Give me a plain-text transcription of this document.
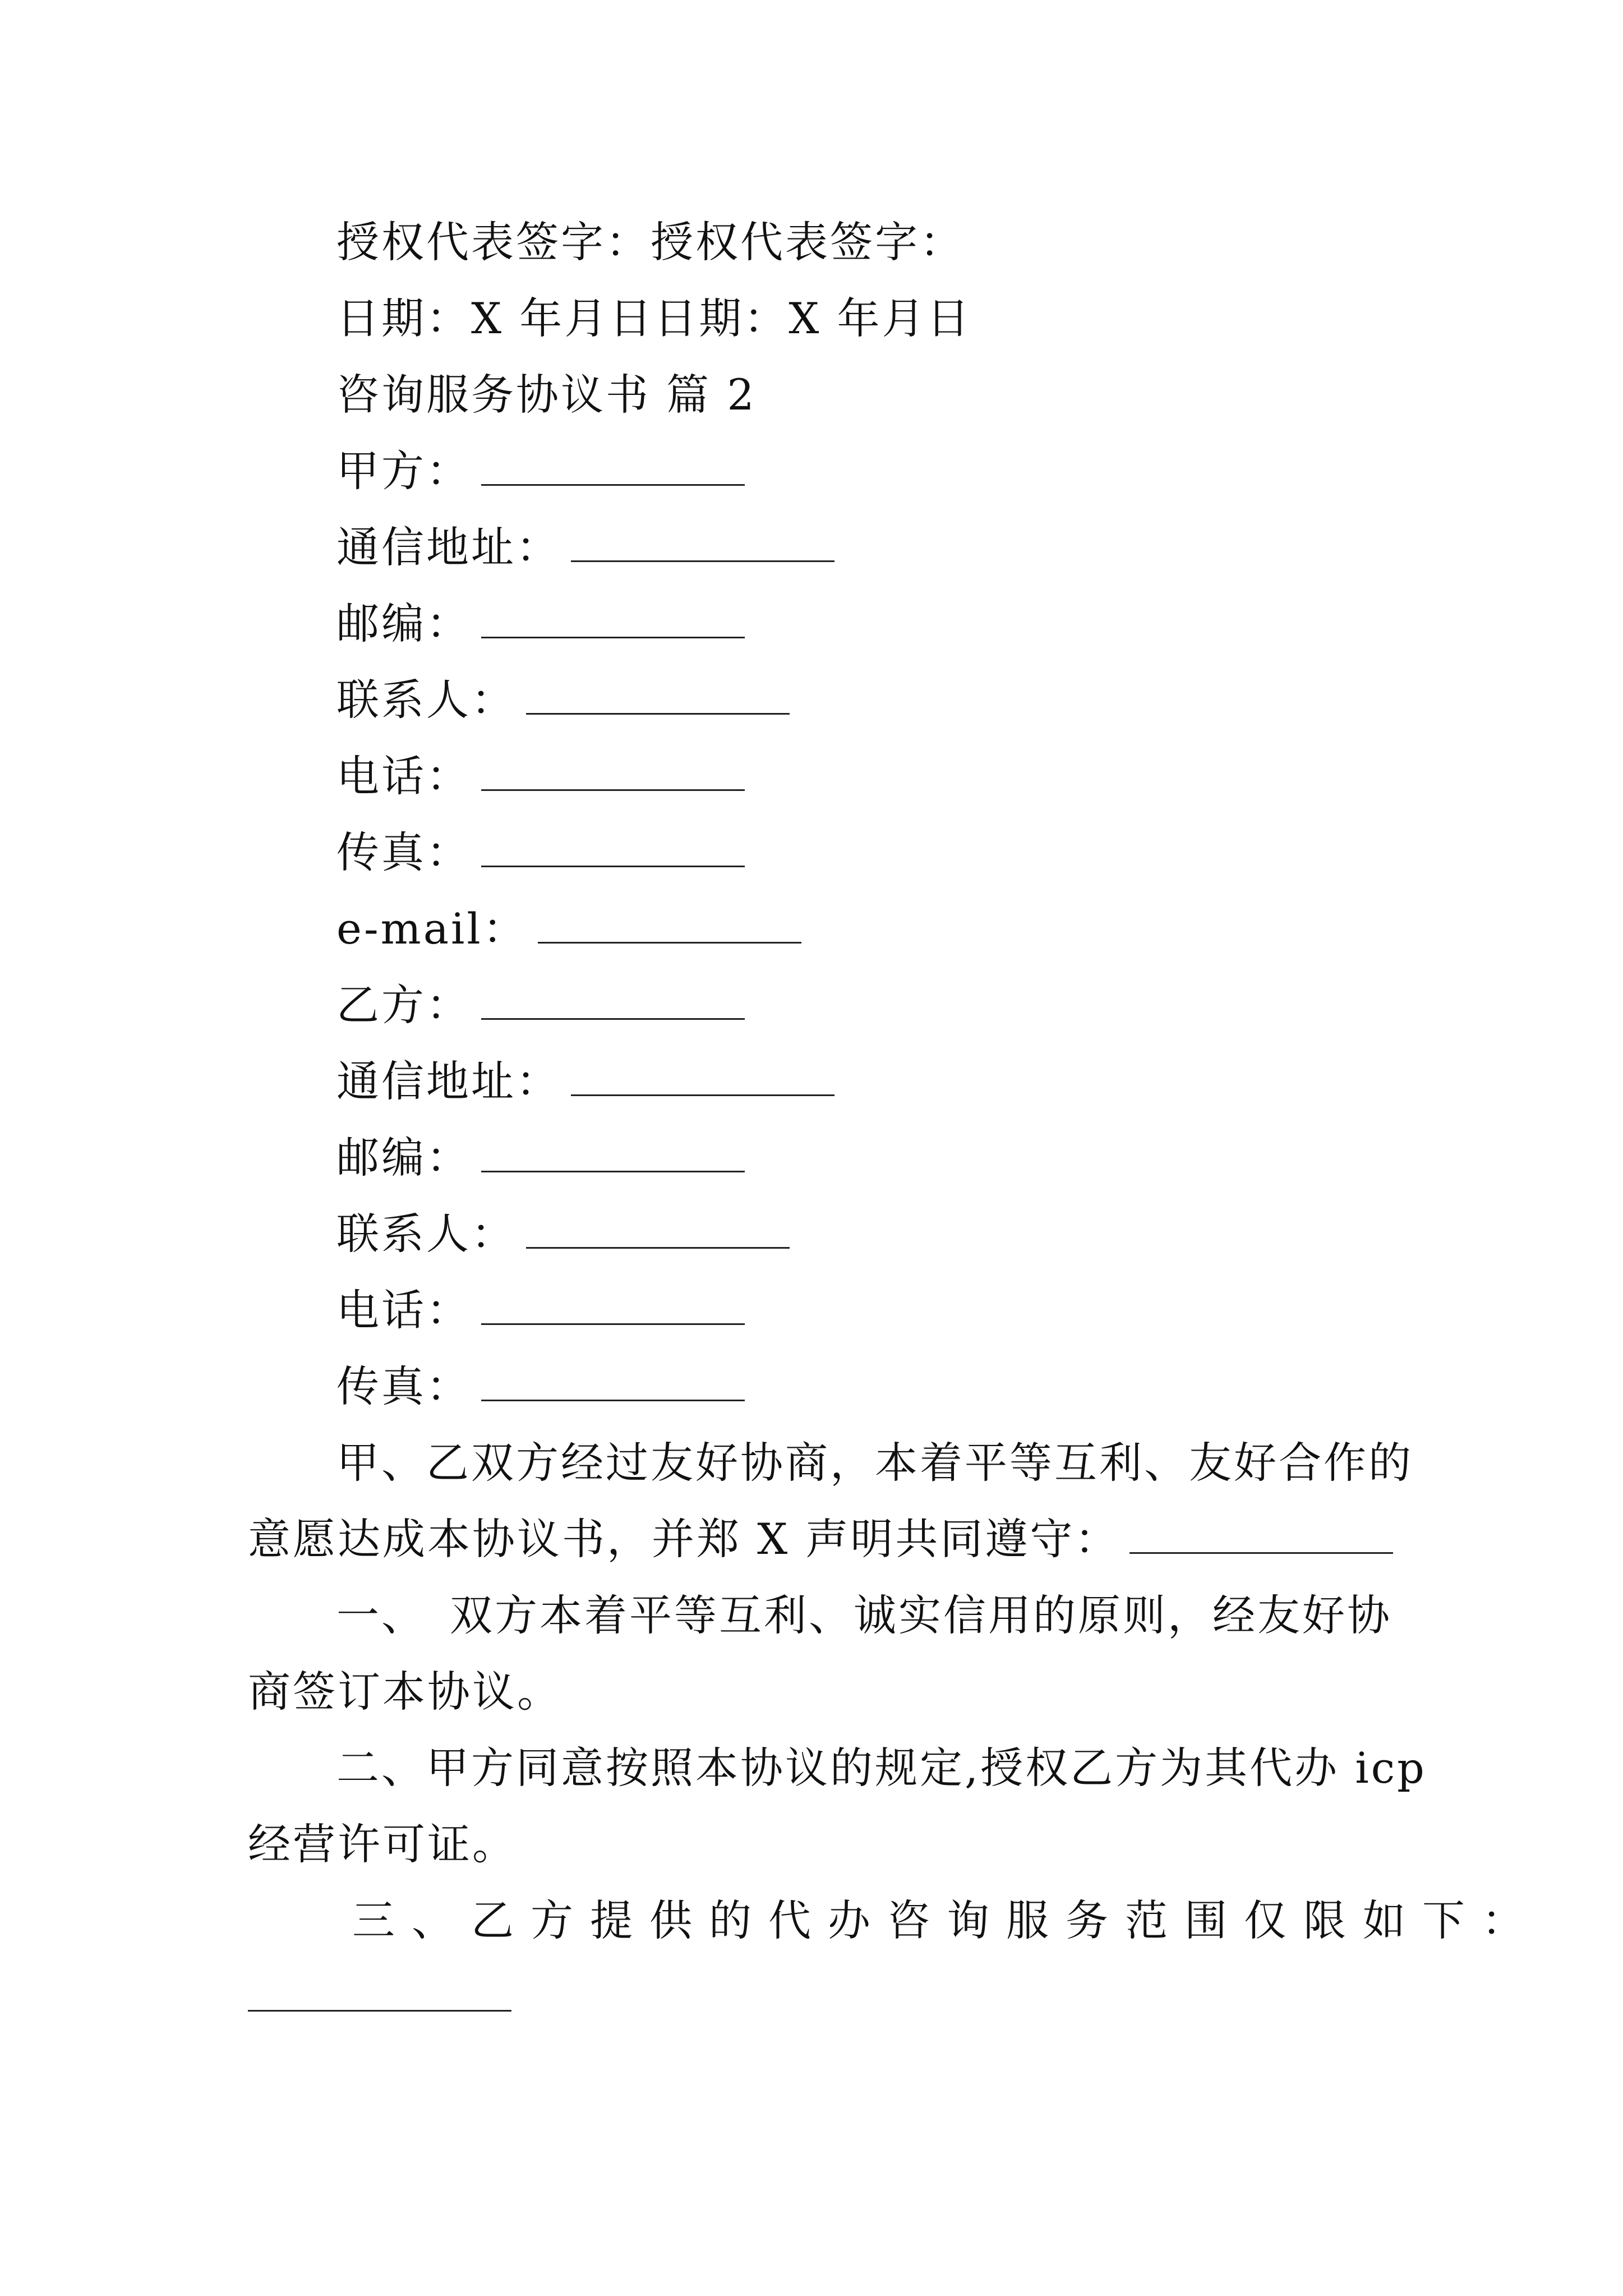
授权代表签字：授权代表签字：
日期：X 年月日日期：X 年月日
咨询服务协议书 篇 2
甲方：
通信地址：
邮编：
联系人：
电话：
传真：
e-mail：
乙方：
通信地址：
邮编：
联系人：
电话：
传真：
甲、乙双方经过友好协商，本着平等互利、友好合作的
意愿达成本协议书，并郑 X 声明共同遵守：
一、　双方本着平等互利、诚实信用的原则，经友好协
商签订本协议。
二、甲方同意按照本协议的规定,授权乙方为其代办 icp
经营许可证。
三、乙方提供的代办咨询服务范围仅限如下：
